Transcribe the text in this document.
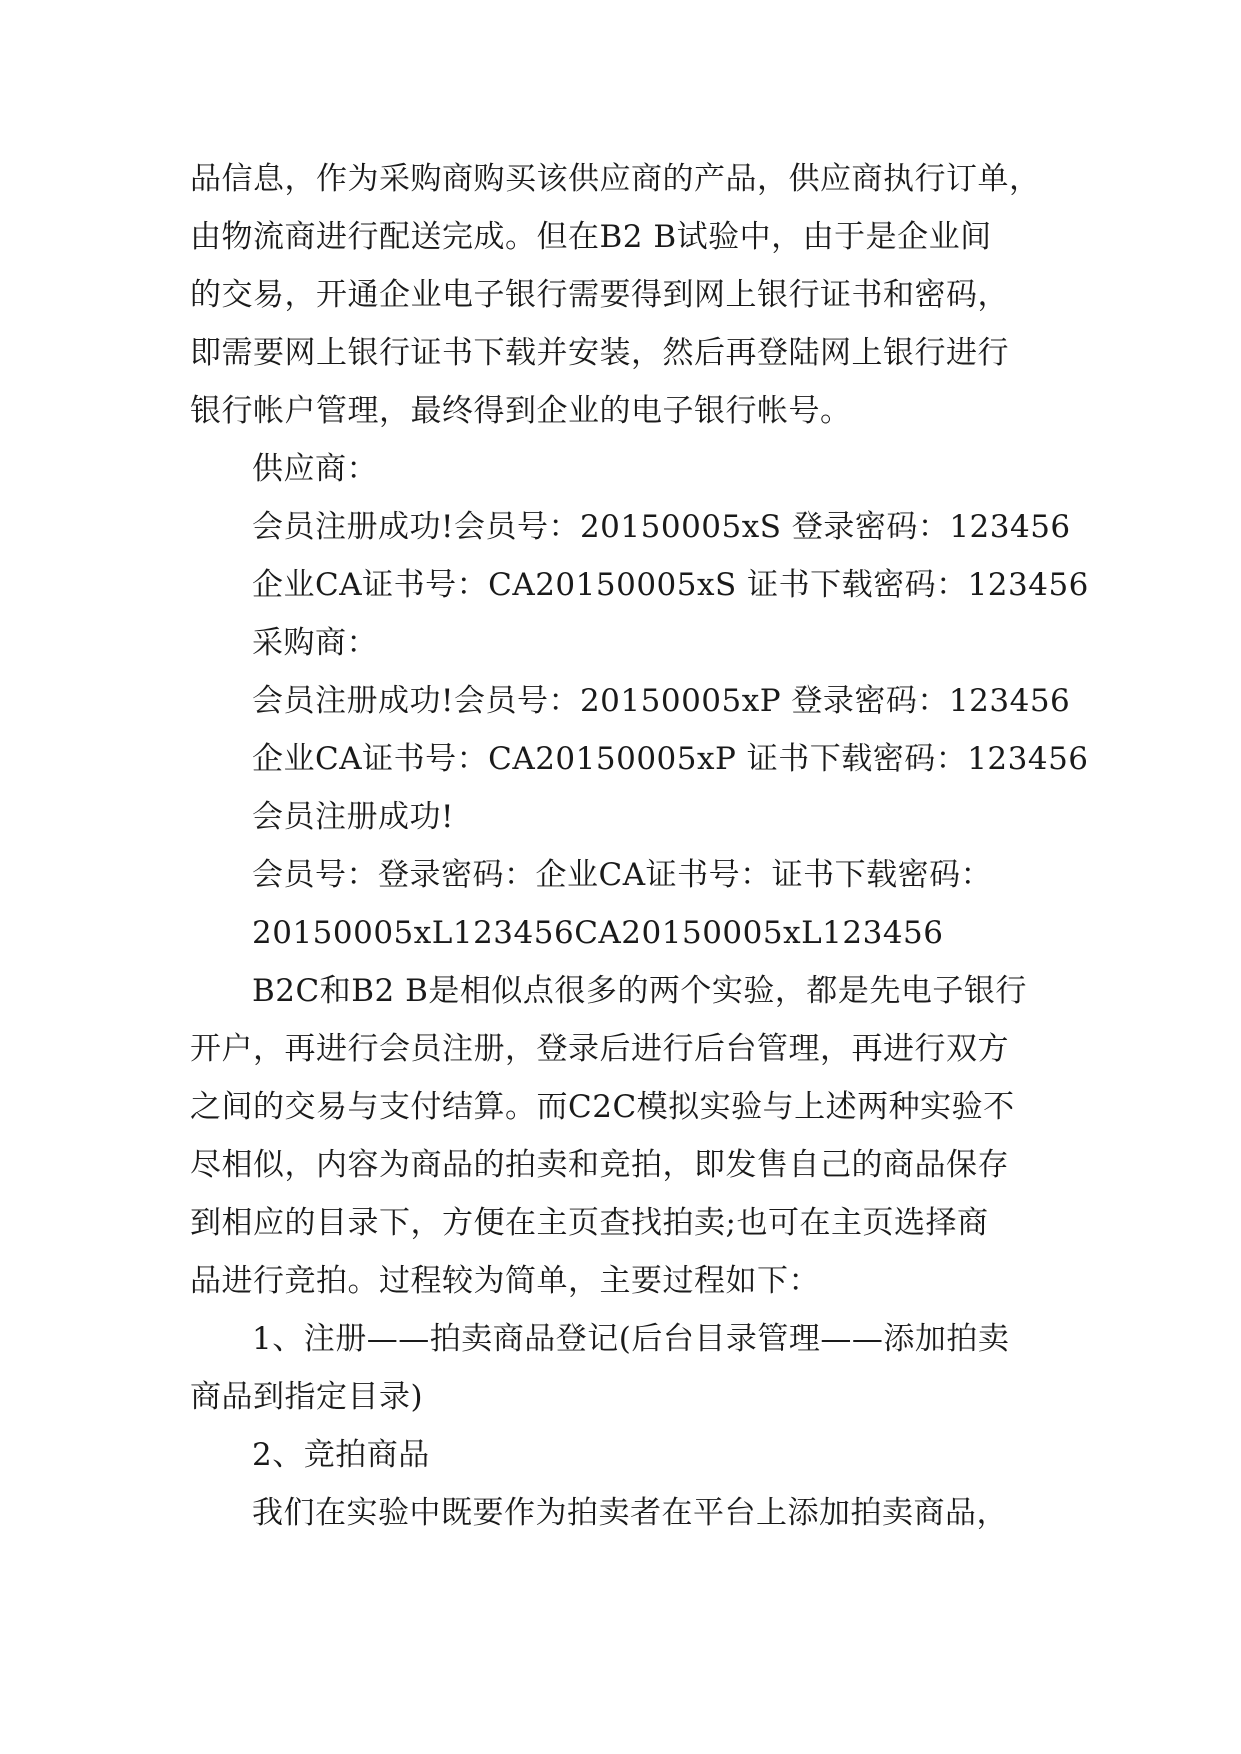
品信息，作为采购商购买该供应商的产品，供应商执行订单，
由物流商进行配送完成。但在B2 B试验中，由于是企业间
的交易，开通企业电子银行需要得到网上银行证书和密码，
即需要网上银行证书下载并安装，然后再登陆网上银行进行
银行帐户管理，最终得到企业的电子银行帐号。
供应商：
会员注册成功!会员号：20150005xS 登录密码：123456
企业CA证书号：CA20150005xS 证书下载密码：123456
采购商：
会员注册成功!会员号：20150005xP 登录密码：123456
企业CA证书号：CA20150005xP 证书下载密码：123456
会员注册成功!
会员号：登录密码：企业CA证书号：证书下载密码：
20150005xL123456CA20150005xL123456
B2C和B2 B是相似点很多的两个实验，都是先电子银行
开户，再进行会员注册，登录后进行后台管理，再进行双方
之间的交易与支付结算。而C2C模拟实验与上述两种实验不
尽相似，内容为商品的拍卖和竞拍，即发售自己的商品保存
到相应的目录下，方便在主页查找拍卖;也可在主页选择商
品进行竞拍。过程较为简单，主要过程如下：
1、注册——拍卖商品登记(后台目录管理——添加拍卖
商品到指定目录)
2、竞拍商品
我们在实验中既要作为拍卖者在平台上添加拍卖商品，
